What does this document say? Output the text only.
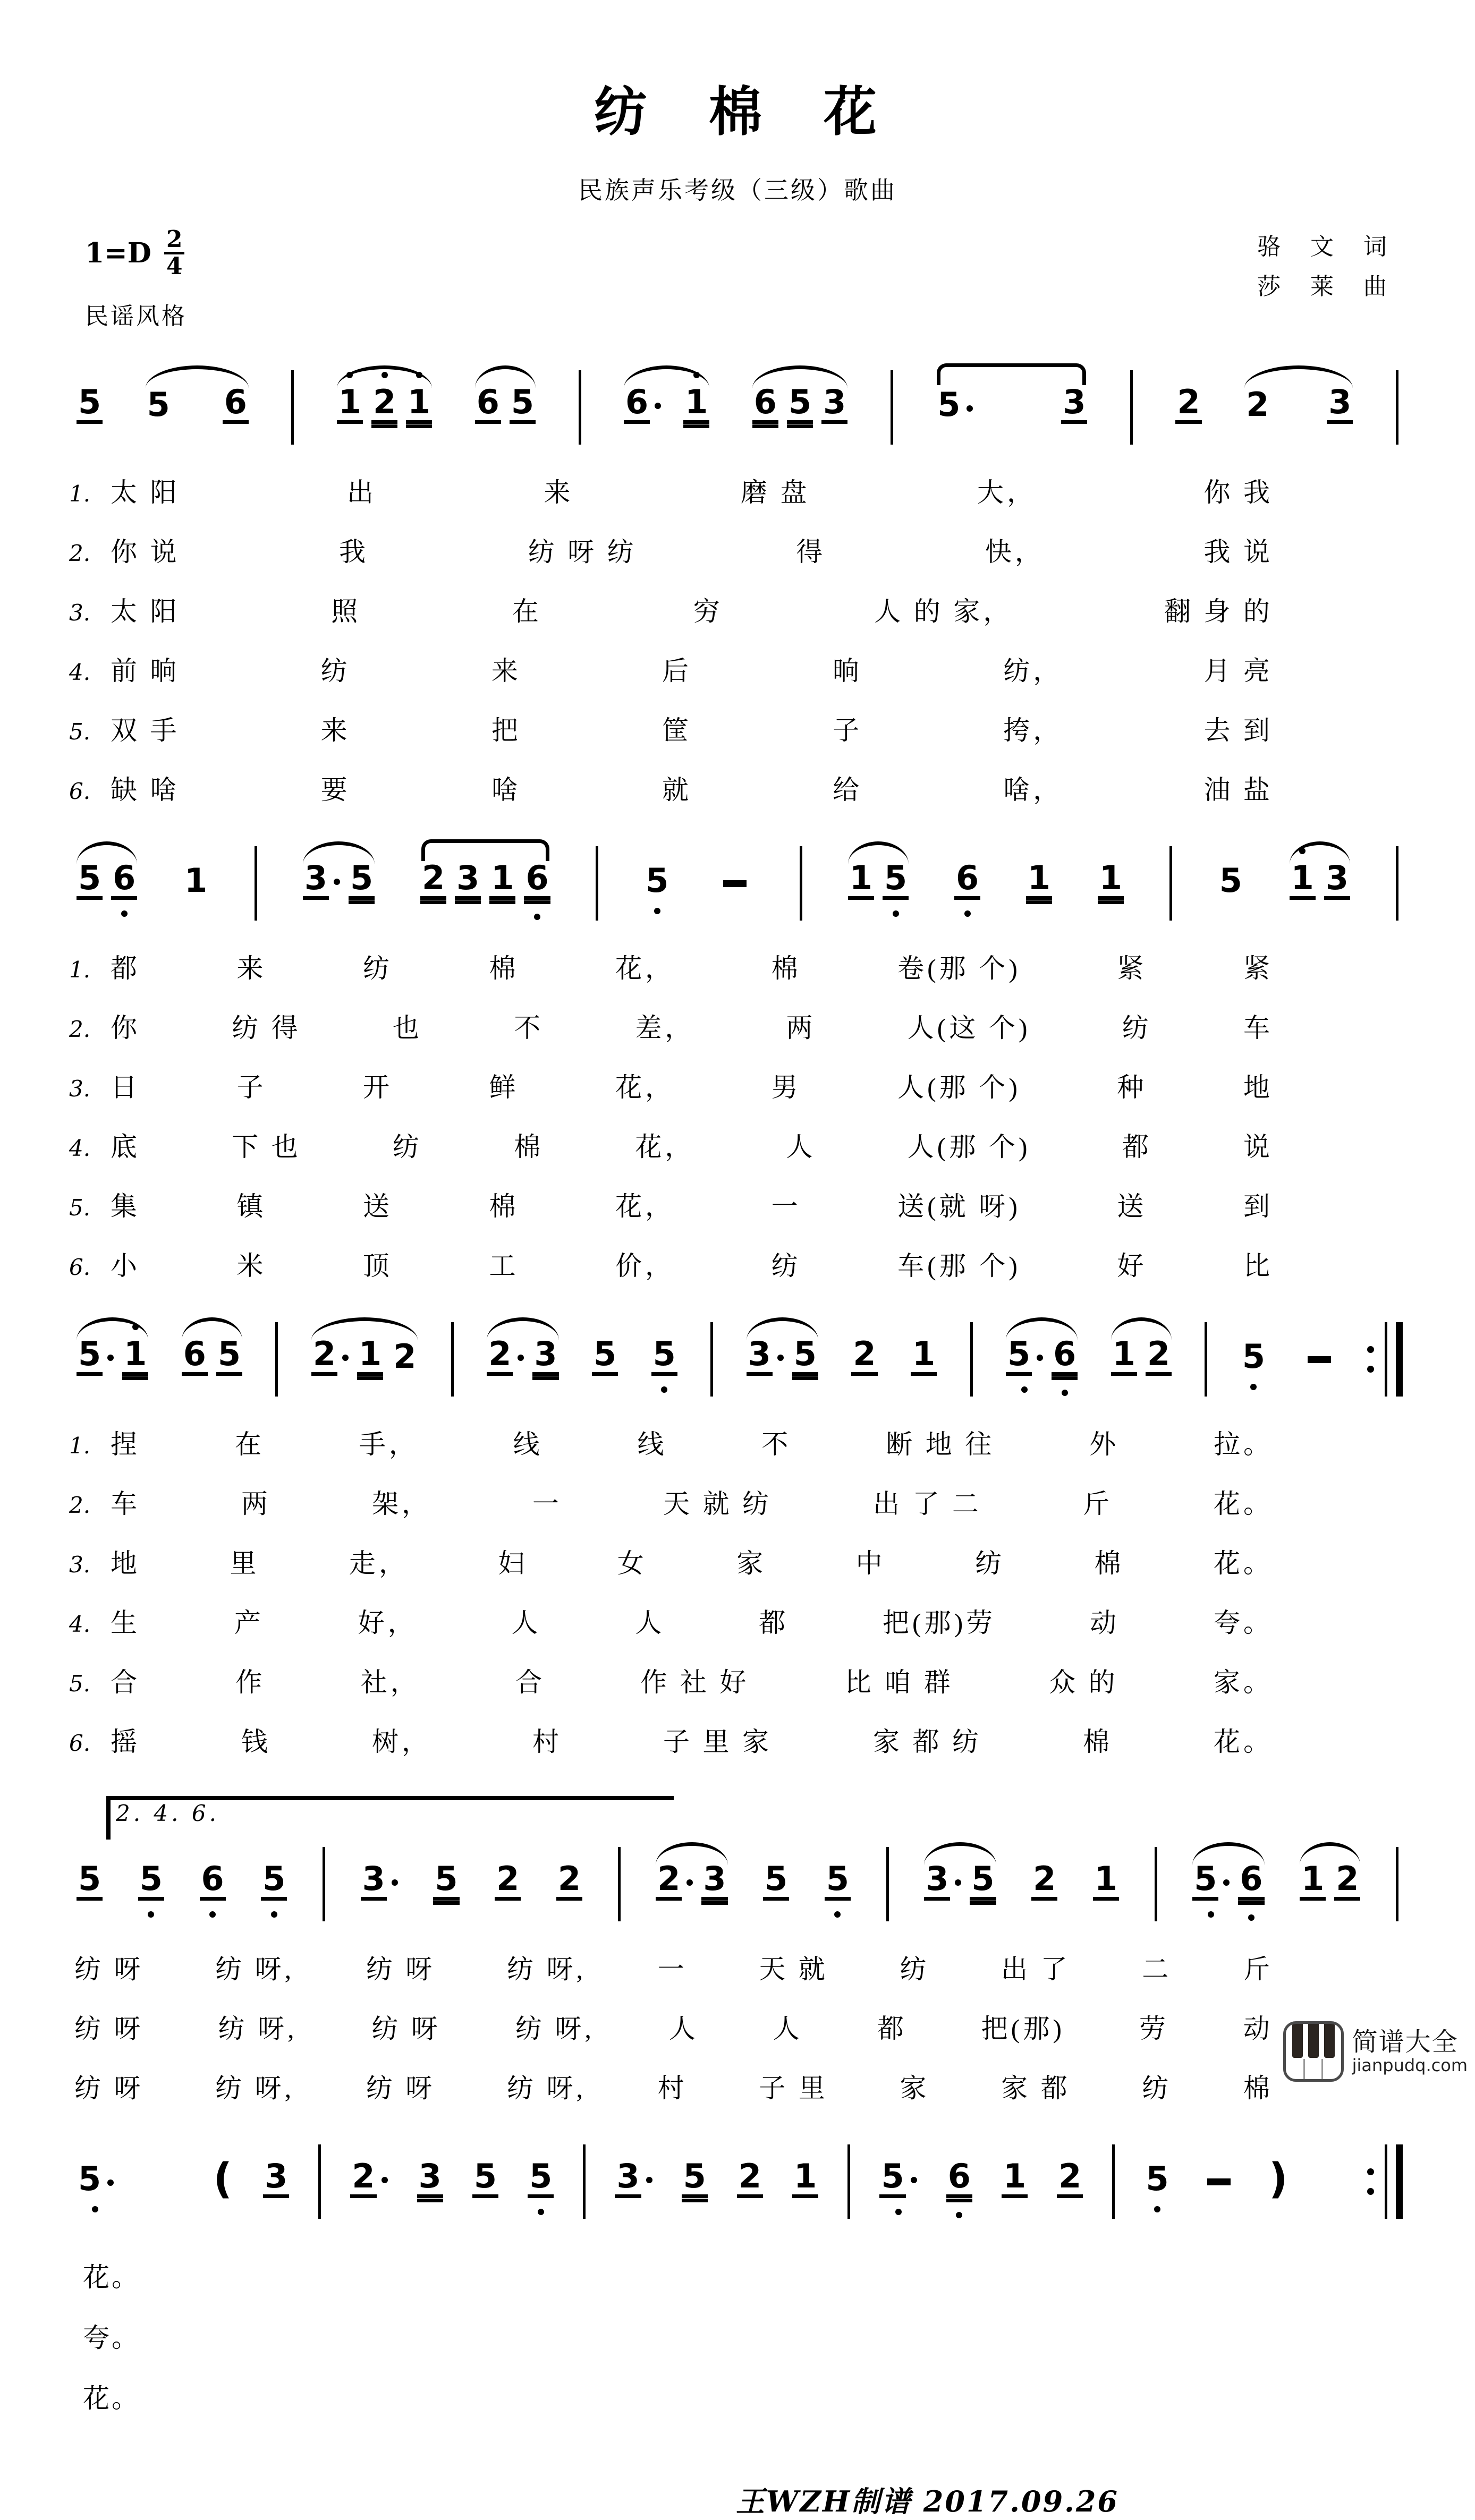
纺　棉　花
民族声乐考级（三级）歌曲
$1=D \frac{2}{4}$
民谣风格
骆　文　词
莎　莱　曲
5 5 6	1 2 1 6 5	6	1 6 5 3	5	3	2 2 3
1. 太 阳	出	来	磨 盘	大，	你 我
2. 你 说	我	纺 呀 纺	得	快，	我 说
3. 太 阳	照	在	穷	人 的 家，	翻 身 的
4. 前 晌	纺	来	后	晌	纺，	月 亮
5. 双 手	来	把	筐	子	挎，	去 到
6. 缺 啥	要	啥	就	给	啥，	油 盐
5 6 1	3 5 2 3 1 6	5	1 5 6 1 1	5 1 3
1. 都	来	纺	棉	花，	棉	卷(那 个)	紧	紧
2. 你	纺 得	也	不	差，	两	人(这 个)	纺	车
3. 日	子	开	鲜	花，	男	人(那 个)	种	地
4. 底	下 也	纺	棉	花，	人	人(那 个)	都	说
5. 集	镇	送	棉	花，	一	送(就 呀)	送	到
6. 小	米	顶	工	价，	纺	车(那 个)	好	比
5 1 6 5 2 1 2 2 3 5 5 3 5 2 1 5 6 1 2 5
1. 捏	在	手，	线	线	不	断 地 往	外	拉。
2. 车	两	架，	一	天 就 纺	出 了 二	斤	花。
3. 地	里	走，	妇	女	家	中	纺	棉	花。
4. 生	产	好，	人	人	都	把(那)劳	动	夸。
5. 合	作	社，	合	作 社 好	比 咱 群	众 的	家。
6. 摇	钱	树，	村	子 里 家	家 都 纺	棉	花。
2. 4. 6.
5 5 6 5 3	5 2 2 2 3 5 5 3 5 2 1 5 6 1 2
纺 呀	纺 呀,	纺 呀	纺 呀,	一	天 就	纺	出 了	二	斤
纺 呀	纺 呀,	纺 呀	纺 呀,	人	人	都	把(那)	劳	动
纺 呀	纺 呀,	纺 呀	纺 呀,	村	子 里	家	家 都	纺	棉
5	( 3 2	3 5 5 3	5 2 1 5	6 1 2 5 )
花。
夸。
花。
王WZH制谱 2017.09.26
简谱大全
jianpudq.com
